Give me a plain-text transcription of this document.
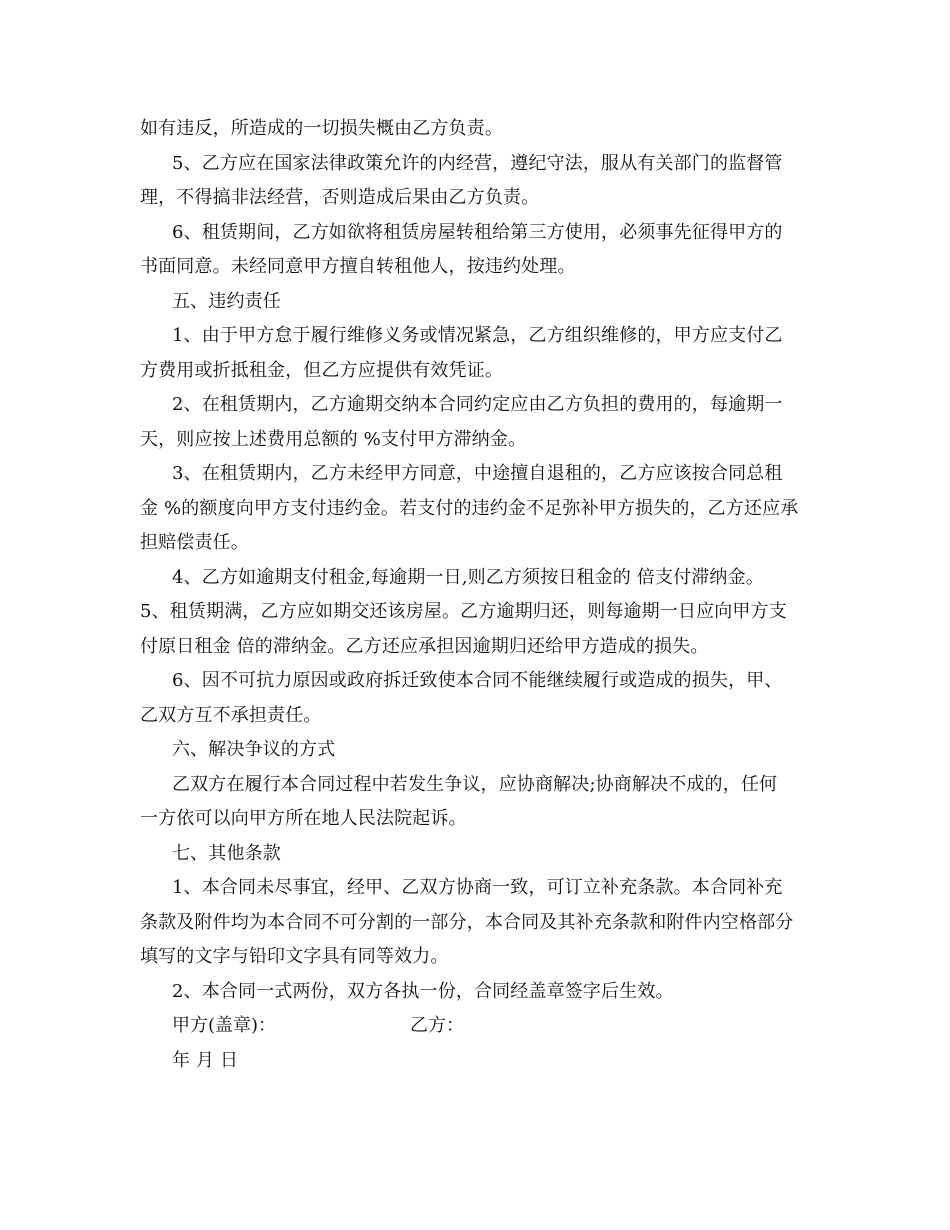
如有违反，所造成的一切损失概由乙方负责。
5、乙方应在国家法律政策允许的内经营，遵纪守法，服从有关部门的监督管
理，不得搞非法经营，否则造成后果由乙方负责。
6、租赁期间，乙方如欲将租赁房屋转租给第三方使用，必须事先征得甲方的
书面同意。未经同意甲方擅自转租他人，按违约处理。
五、违约责任
1、由于甲方怠于履行维修义务或情况紧急，乙方组织维修的，甲方应支付乙
方费用或折抵租金，但乙方应提供有效凭证。
2、在租赁期内，乙方逾期交纳本合同约定应由乙方负担的费用的，每逾期一
天，则应按上述费用总额的 %支付甲方滞纳金。
3、在租赁期内，乙方未经甲方同意，中途擅自退租的，乙方应该按合同总租
金 %的额度向甲方支付违约金。若支付的违约金不足弥补甲方损失的，乙方还应承
担赔偿责任。
4、乙方如逾期支付租金,每逾期一日,则乙方须按日租金的 倍支付滞纳金。
5、租赁期满，乙方应如期交还该房屋。乙方逾期归还，则每逾期一日应向甲方支
付原日租金 倍的滞纳金。乙方还应承担因逾期归还给甲方造成的损失。
6、因不可抗力原因或政府拆迁致使本合同不能继续履行或造成的损失，甲、
乙双方互不承担责任。
六、解决争议的方式
乙双方在履行本合同过程中若发生争议，应协商解决;协商解决不成的，任何
一方依可以向甲方所在地人民法院起诉。
七、其他条款
1、本合同未尽事宜，经甲、乙双方协商一致，可订立补充条款。本合同补充
条款及附件均为本合同不可分割的一部分，本合同及其补充条款和附件内空格部分
填写的文字与铅印文字具有同等效力。
2、本合同一式两份，双方各执一份，合同经盖章签字后生效。
甲方(盖章)：	乙方：
年 月 日
